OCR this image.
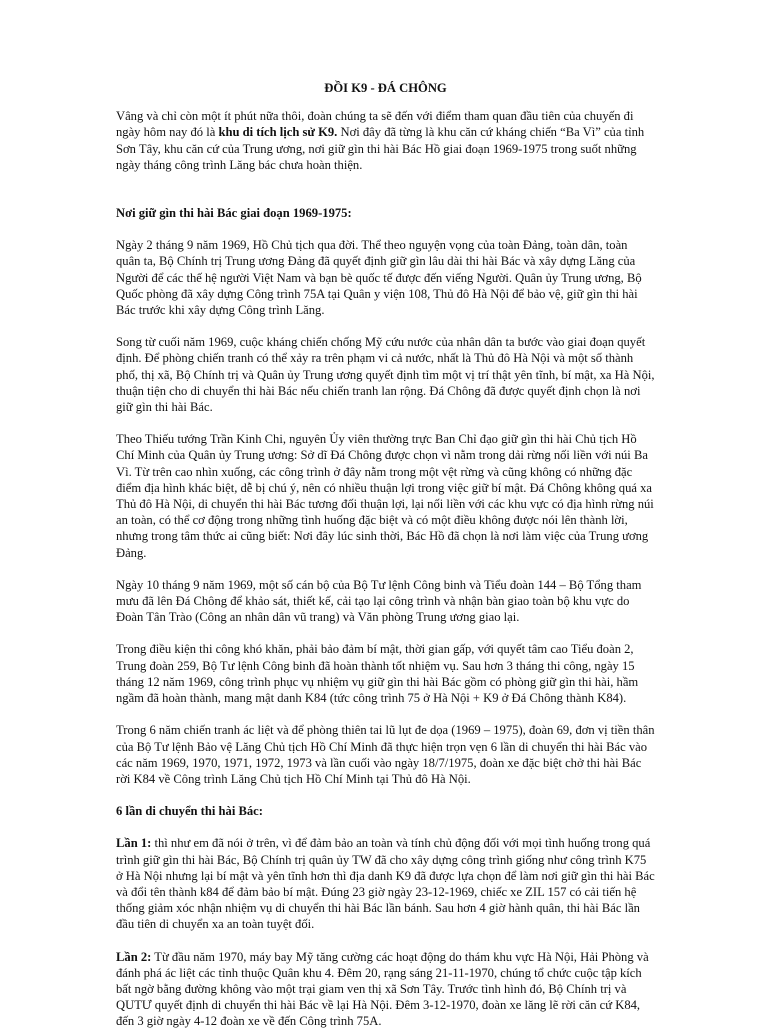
ĐỒI K9 - ĐÁ CHÔNG

Vâng và chỉ còn một ít phút nữa thôi, đoàn chúng ta sẽ đến với điểm tham quan đầu tiên của chuyến đi ngày hôm nay đó là khu di tích lịch sử K9. Nơi đây đã từng là khu căn cứ kháng chiến “Ba Vì” của tỉnh Sơn Tây, khu căn cứ của Trung ương, nơi giữ gìn thi hài Bác Hồ giai đoạn 1969-1975 trong suốt những ngày tháng công trình Lăng bác chưa hoàn thiện.

Nơi giữ gìn thi hài Bác giai đoạn 1969-1975:

Ngày 2 tháng 9 năm 1969, Hồ Chủ tịch qua đời. Thể theo nguyện vọng của toàn Đảng, toàn dân, toàn quân ta, Bộ Chính trị Trung ương Đảng đã quyết định giữ gìn lâu dài thi hài Bác và xây dựng Lăng của Người để các thế hệ người Việt Nam và bạn bè quốc tế được đến viếng Người. Quân ủy Trung ương, Bộ Quốc phòng đã xây dựng Công trình 75A tại Quân y viện 108, Thủ đô Hà Nội để bảo vệ, giữ gìn thi hài Bác trước khi xây dựng Công trình Lăng.

Song từ cuối năm 1969, cuộc kháng chiến chống Mỹ cứu nước của nhân dân ta bước vào giai đoạn quyết định. Để phòng chiến tranh có thể xảy ra trên phạm vi cả nước, nhất là Thủ đô Hà Nội và một số thành phố, thị xã, Bộ Chính trị và Quân ủy Trung ương quyết định tìm một vị trí thật yên tĩnh, bí mật, xa Hà Nội, thuận tiện cho di chuyển thi hài Bác nếu chiến tranh lan rộng. Đá Chông đã được quyết định chọn là nơi giữ gìn thi hài Bác.

Theo Thiếu tướng Trần Kinh Chi, nguyên Ủy viên thường trực Ban Chỉ đạo giữ gìn thi hài Chủ tịch Hồ Chí Minh của Quân ủy Trung ương: Sở dĩ Đá Chông được chọn vì nằm trong dải rừng nối liền với núi Ba Vì. Từ trên cao nhìn xuống, các công trình ở đây nằm trong một vệt rừng và cũng không có những đặc điểm địa hình khác biệt, dễ bị chú ý, nên có nhiều thuận lợi trong việc giữ bí mật. Đá Chông không quá xa Thủ đô Hà Nội, di chuyển thi hài Bác tương đối thuận lợi, lại nối liền với các khu vực có địa hình rừng núi an toàn, có thể cơ động trong những tình huống đặc biệt và có một điều không được nói lên thành lời, nhưng trong tâm thức ai cũng biết: Nơi đây lúc sinh thời, Bác Hồ đã chọn là nơi làm việc của Trung ương Đảng.

Ngày 10 tháng 9 năm 1969, một số cán bộ của Bộ Tư lệnh Công binh và Tiểu đoàn 144 – Bộ Tổng tham mưu đã lên Đá Chông để khảo sát, thiết kế, cải tạo lại công trình và nhận bàn giao toàn bộ khu vực do Đoàn Tân Trào (Công an nhân dân vũ trang) và Văn phòng Trung ương giao lại.

Trong điều kiện thi công khó khăn, phải bảo đảm bí mật, thời gian gấp, với quyết tâm cao Tiểu đoàn 2, Trung đoàn 259, Bộ Tư lệnh Công binh đã hoàn thành tốt nhiệm vụ. Sau hơn 3 tháng thi công, ngày 15 tháng 12 năm 1969, công trình phục vụ nhiệm vụ giữ gìn thi hài Bác gồm có phòng giữ gìn thi hài, hầm ngầm đã hoàn thành, mang mật danh K84 (tức công trình 75 ở Hà Nội + K9 ở Đá Chông thành K84).

Trong 6 năm chiến tranh ác liệt và để phòng thiên tai lũ lụt đe dọa (1969 – 1975), đoàn 69, đơn vị tiền thân của Bộ Tư lệnh Bảo vệ Lăng Chủ tịch Hồ Chí Minh đã thực hiện trọn vẹn 6 lần di chuyển thi hài Bác vào các năm 1969, 1970, 1971, 1972, 1973 và lần cuối vào ngày 18/7/1975, đoàn xe đặc biệt chở thi hài Bác rời K84 về Công trình Lăng Chủ tịch Hồ Chí Minh tại Thủ đô Hà Nội.

6 lần di chuyển thi hài Bác:

Lần 1: thì như em đã nói ở trên, vì để đảm bảo an toàn và tính chủ động đối với mọi tình huống trong quá trình giữ gìn thi hài Bác, Bộ Chính trị quân ủy TW đã cho xây dựng công trình giống như công trình K75 ở Hà Nội nhưng lại bí mật và yên tĩnh hơn thì địa danh K9 đã được lựa chọn để làm nơi giữ gìn thi hài Bác và đổi tên thành k84 để đảm bảo bí mật. Đúng 23 giờ ngày 23-12-1969, chiếc xe ZIL 157 có cải tiến hệ thống giảm xóc nhận nhiệm vụ di chuyển thi hài Bác lần bánh. Sau hơn 4 giờ hành quân, thi hài Bác lần đầu tiên di chuyển xa an toàn tuyệt đối.

Lần 2: Từ đầu năm 1970, máy bay Mỹ tăng cường các hoạt động do thám khu vực Hà Nội, Hải Phòng và đánh phá ác liệt các tỉnh thuộc Quân khu 4. Đêm 20, rạng sáng 21-11-1970, chúng tổ chức cuộc tập kích bất ngờ bằng đường không vào một trại giam ven thị xã Sơn Tây. Trước tình hình đó, Bộ Chính trị và QUTƯ quyết định di chuyển thi hài Bác về lại Hà Nội. Đêm 3-12-1970, đoàn xe lăng lẽ rời căn cứ K84, đến 3 giờ ngày 4-12 đoàn xe về đến Công trình 75A.
